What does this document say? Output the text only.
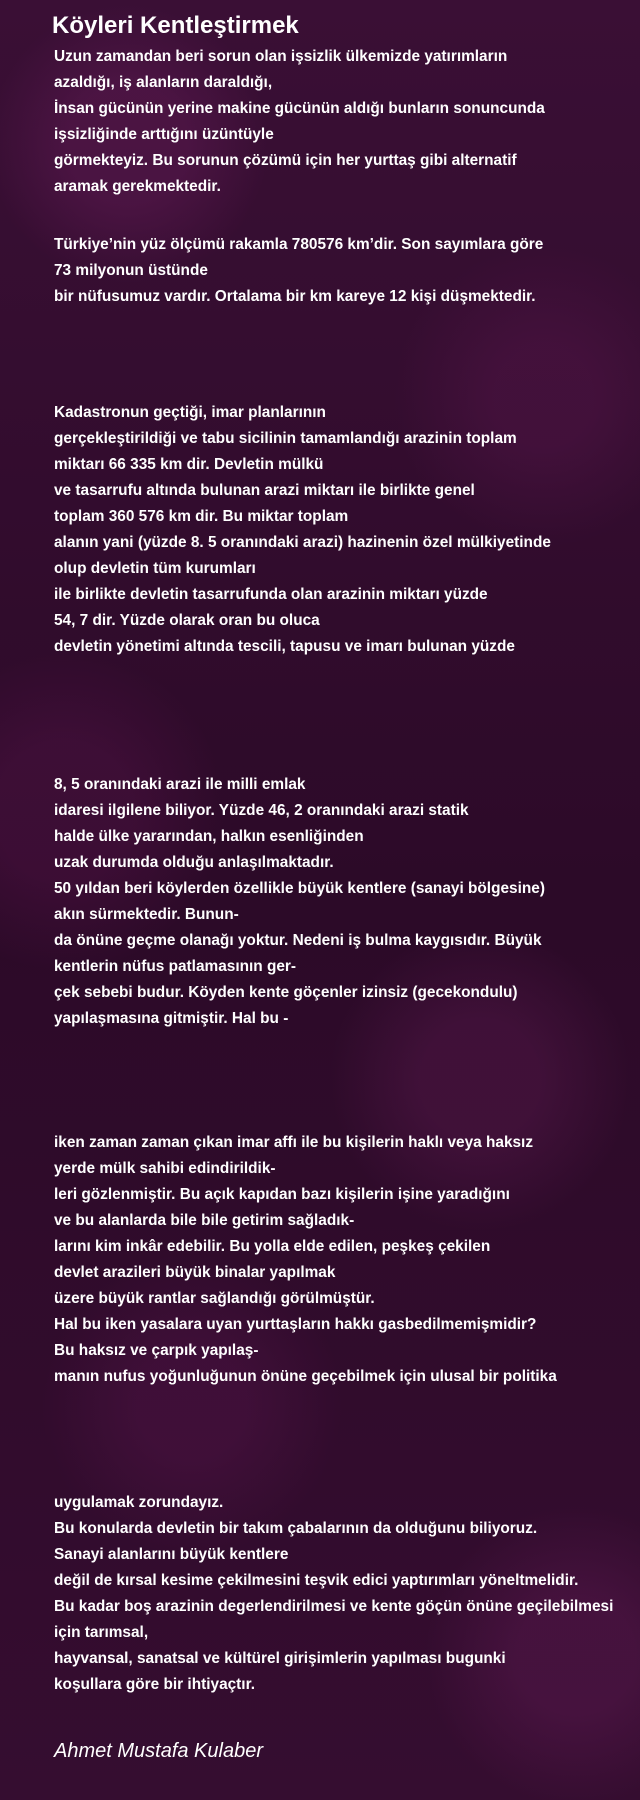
Köyleri Kentleştirmek
Uzun zamandan beri sorun olan işsizlik ülkemizde yatırımların
azaldığı, iş alanların daraldığı,
İnsan gücünün yerine makine gücünün aldığı bunların sonuncunda
işsizliğinde arttığını üzüntüyle
görmekteyiz. Bu sorunun çözümü için her yurttaş gibi alternatif
aramak gerekmektedir.
Türkiye’nin yüz ölçümü rakamla 780576 km’dir. Son sayımlara göre
73 milyonun üstünde
bir nüfusumuz vardır. Ortalama bir km kareye 12 kişi düşmektedir.
Kadastronun geçtiği, imar planlarının
gerçekleştirildiği ve tabu sicilinin tamamlandığı arazinin toplam
miktarı 66 335 km dir. Devletin mülkü
ve tasarrufu altında bulunan arazi miktarı ile birlikte genel
toplam 360 576 km dir. Bu miktar toplam
alanın yani (yüzde 8. 5 oranındaki arazi) hazinenin özel mülkiyetinde
olup devletin tüm kurumları
ile birlikte devletin tasarrufunda olan arazinin miktarı yüzde
54, 7 dir. Yüzde olarak oran bu oluca
devletin yönetimi altında tescili, tapusu ve imarı bulunan yüzde
8, 5 oranındaki arazi ile milli emlak
idaresi ilgilene biliyor. Yüzde 46, 2 oranındaki arazi statik
halde ülke yararından, halkın esenliğinden
uzak durumda olduğu anlaşılmaktadır.
50 yıldan beri köylerden özellikle büyük kentlere (sanayi bölgesine)
akın sürmektedir. Bunun-
da önüne geçme olanağı yoktur. Nedeni iş bulma kaygısıdır. Büyük
kentlerin nüfus patlamasının ger-
çek sebebi budur. Köyden kente göçenler izinsiz (gecekondulu)
yapılaşmasına gitmiştir. Hal bu -
iken zaman zaman çıkan imar affı ile bu kişilerin haklı veya haksız
yerde mülk sahibi edindirildik-
leri gözlenmiştir. Bu açık kapıdan bazı kişilerin işine yaradığını
ve bu alanlarda bile bile getirim sağladık-
larını kim inkâr edebilir. Bu yolla elde edilen, peşkeş çekilen
devlet arazileri büyük binalar yapılmak
üzere büyük rantlar sağlandığı görülmüştür.
Hal bu iken yasalara uyan yurttaşların hakkı gasbedilmemişmidir?
Bu haksız ve çarpık yapılaş-
manın nufus yoğunluğunun önüne geçebilmek için ulusal bir politika
uygulamak zorundayız.
Bu konularda devletin bir takım çabalarının da olduğunu biliyoruz.
Sanayi alanlarını büyük kentlere
değil de kırsal kesime çekilmesini teşvik edici yaptırımları yöneltmelidir.
Bu kadar boş arazinin degerlendirilmesi ve kente göçün önüne geçilebilmesi için tarımsal,
hayvansal, sanatsal ve kültürel girişimlerin yapılması bugunki
koşullara göre bir ihtiyaçtır.

Ahmet Mustafa Kulaber
